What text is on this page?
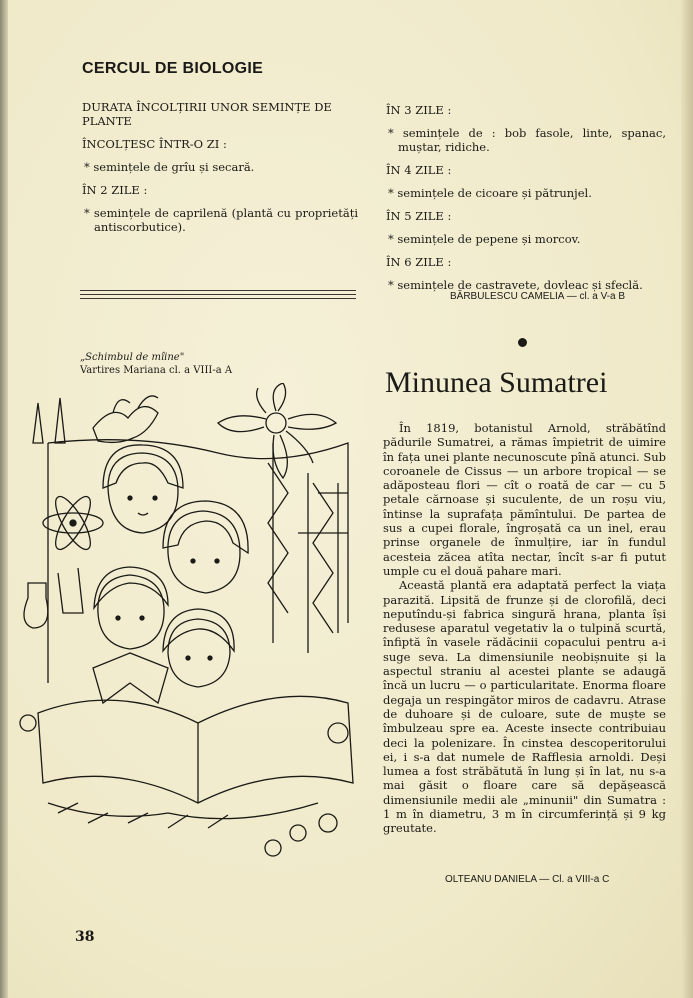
CERCUL DE BIOLOGIE

DURATA ÎNCOLȚIRII UNOR SEMINȚE DE PLANTE

ÎNCOLȚESC ÎNTR-O ZI :

* semințele de grîu și secară.

ÎN 2 ZILE :

* semințele de caprilenă (plantă cu proprietăți antiscorbutice).

ÎN 3 ZILE :

* semințele de : bob fasole, linte, spanac, muștar, ridiche.

ÎN 4 ZILE :

* semințele de cicoare și pătrunjel.

ÎN 5 ZILE :

* semințele de pepene și morcov.

ÎN 6 ZILE :

* semințele de castravete, dovleac și sfeclă.

BĂRBULESCU CAMELIA — cl. a V-a B
„Schimbul de mîine"
Vartires Mariana cl. a VIII-a A	Minunea Sumatrei

În 1819, botanistul Arnold, străbătînd pădurile Sumatrei, a rămas împietrit de uimire în fața unei plante necunoscute pînă atunci. Sub coroanele de Cissus — un arbore tropical — se adăposteau flori — cît o roată de car — cu 5 petale cărnoase și suculente, de un roșu viu, întinse la suprafața pămîntului. De partea de sus a cupei florale, îngroșată ca un inel, erau prinse organele de înmulțire, iar în fundul acesteia zăcea atîta nectar, încît s-ar fi putut umple cu el două pahare mari.

Această plantă era adaptată perfect la viața parazită. Lipsită de frunze și de clorofilă, deci neputîndu-și fabrica singură hrana, planta își redusese aparatul vegetativ la o tulpină scurtă, înfiptă în vasele rădăcinii copacului pentru a-i suge seva. La dimensiunile neobișnuite și la aspectul straniu al acestei plante se adaugă încă un lucru — o particularitate. Enorma floare degaja un respingător miros de cadavru. Atrase de duhoare și de culoare, sute de muște se îmbulzeau spre ea. Aceste insecte contribuiau deci la polenizare. În cinstea descoperitorului ei, i s-a dat numele de Rafflesia arnoldi. Deși lumea a fost străbătută în lung și în lat, nu s-a mai găsit o floare care să depășească dimensiunile medii ale „minunii" din Sumatra : 1 m în diametru, 3 m în circumferință și 9 kg greutate.

OLTEANU DANIELA — Cl. a VIII-a C
38
